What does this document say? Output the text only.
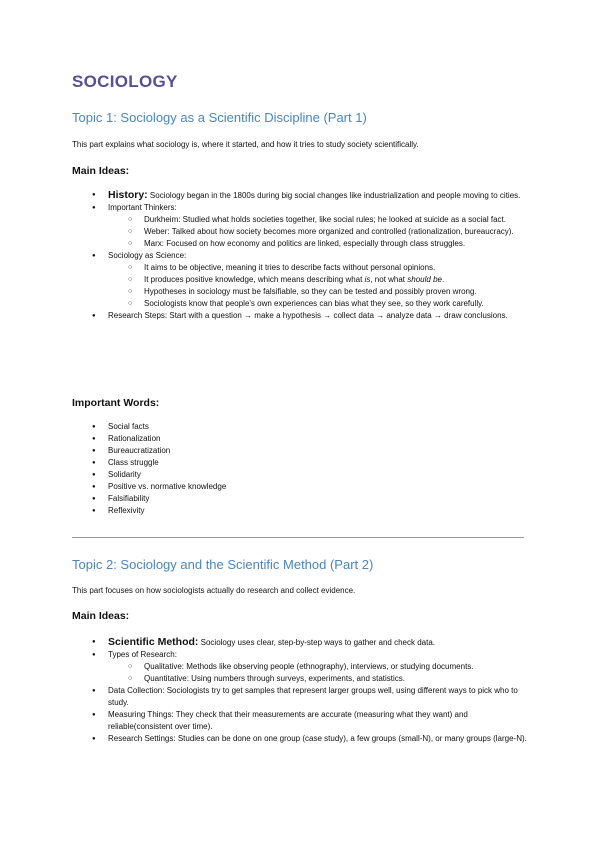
SOCIOLOGY
Topic 1: Sociology as a Scientific Discipline (Part 1)

This part explains what sociology is, where it started, and how it tries to study society scientifically.

Main Ideas:
● History: Sociology began in the 1800s during big social changes like industrialization and people moving to cities.
● Important Thinkers:
○ Durkheim: Studied what holds societies together, like social rules; he looked at suicide as a social fact.
○ Weber: Talked about how society becomes more organized and controlled (rationalization, bureaucracy).
○ Marx: Focused on how economy and politics are linked, especially through class struggles.
● Sociology as Science:
○ It aims to be objective, meaning it tries to describe facts without personal opinions.
○ It produces positive knowledge, which means describing what is, not what should be.
○ Hypotheses in sociology must be falsifiable, so they can be tested and possibly proven wrong.
○ Sociologists know that people's own experiences can bias what they see, so they work carefully.
● Research Steps: Start with a question → make a hypothesis → collect data → analyze data → draw conclusions.
Important Words:
● Social facts
● Rationalization
● Bureaucratization
● Class struggle
● Solidarity
● Positive vs. normative knowledge
● Falsifiability
● Reflexivity
Topic 2: Sociology and the Scientific Method (Part 2)

This part focuses on how sociologists actually do research and collect evidence.

Main Ideas:
● Scientific Method: Sociology uses clear, step-by-step ways to gather and check data.
● Types of Research:
○ Qualitative: Methods like observing people (ethnography), interviews, or studying documents.
○ Quantitative: Using numbers through surveys, experiments, and statistics.
● Data Collection: Sociologists try to get samples that represent larger groups well, using different ways to pick who to study.
● Measuring Things: They check that their measurements are accurate (measuring what they want) and reliable(consistent over time).
● Research Settings: Studies can be done on one group (case study), a few groups (small-N), or many groups (large-N).
